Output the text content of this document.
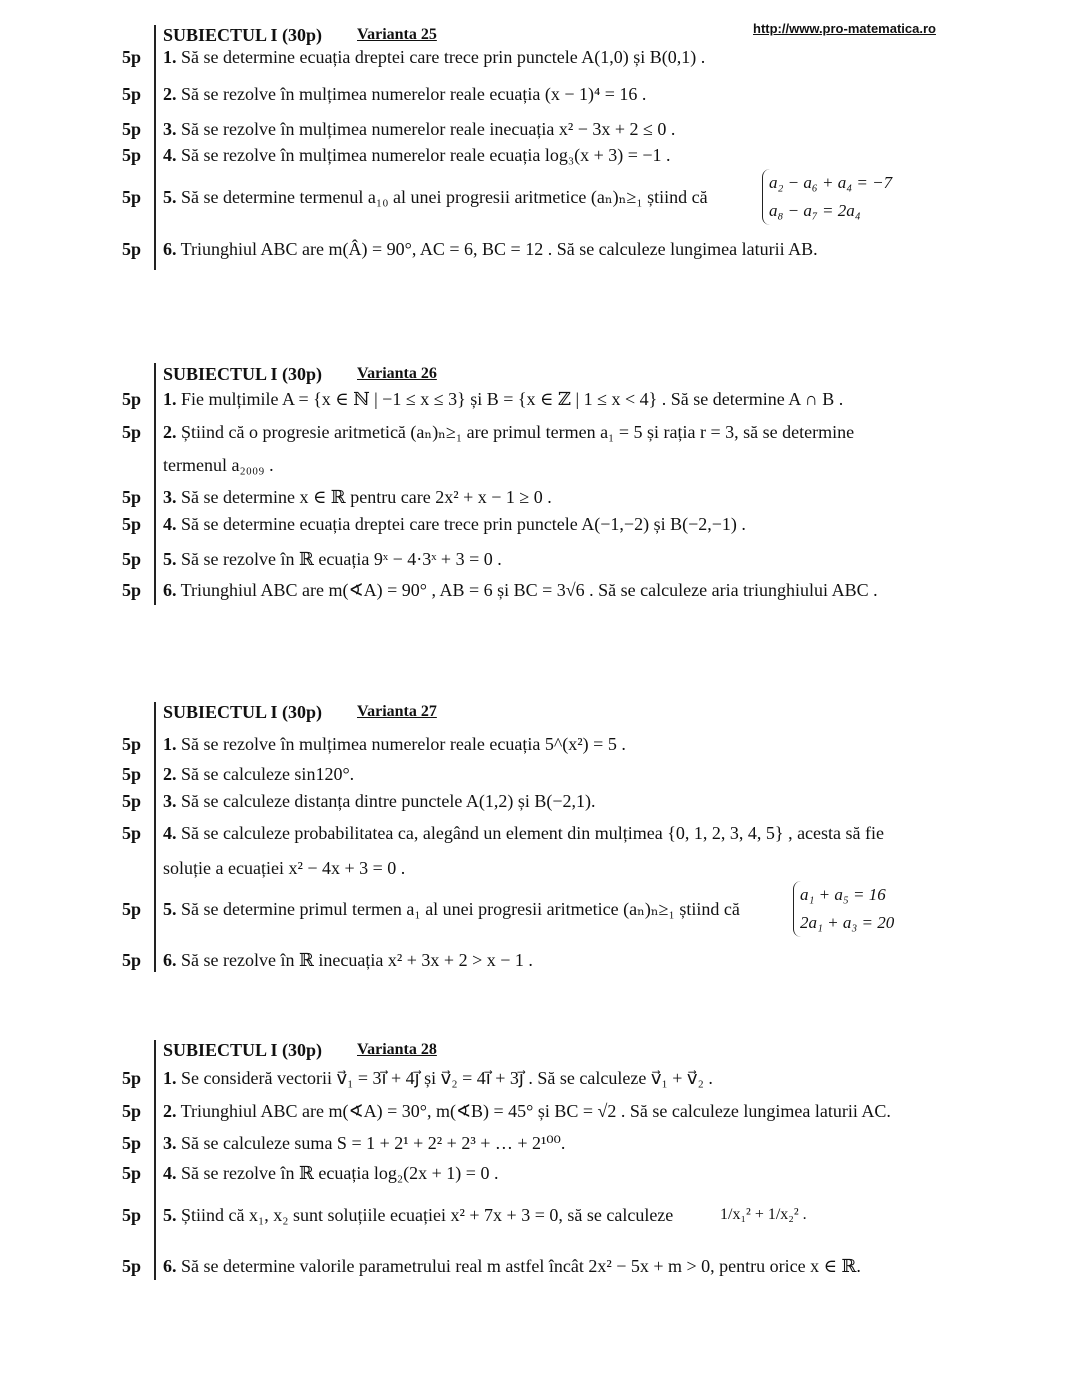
http://www.pro-matematica.ro
SUBIECTUL I (30p) Varianta 25
5p 1. Să se determine ecuația dreptei care trece prin punctele A(1,0) și B(0,1) .
5p 2. Să se rezolve în mulțimea numerelor reale ecuația (x − 1)⁴ = 16 .
5p 3. Să se rezolve în mulțimea numerelor reale inecuația x² − 3x + 2 ≤ 0 .
5p 4. Să se rezolve în mulțimea numerelor reale ecuația log₃(x + 3) = −1 .
5p 5. Să se determine termenul a₁₀ al unei progresii aritmetice (aₙ)ₙ≥₁ știind că
a₂ − a₆ + a₄ = −7
a₈ − a₇ = 2a₄
5p 6. Triunghiul ABC are m(Â) = 90°, AC = 6, BC = 12 . Să se calculeze lungimea laturii AB.
SUBIECTUL I (30p) Varianta 26
5p 1. Fie mulțimile A = {x ∈ ℕ | −1 ≤ x ≤ 3} și B = {x ∈ ℤ | 1 ≤ x < 4} . Să se determine A ∩ B .
5p 2. Știind că o progresie aritmetică (aₙ)ₙ≥₁ are primul termen a₁ = 5 și rația r = 3, să se determine
termenul a₂₀₀₉ .
5p 3. Să se determine x ∈ ℝ pentru care 2x² + x − 1 ≥ 0 .
5p 4. Să se determine ecuația dreptei care trece prin punctele A(−1,−2) și B(−2,−1) .
5p 5. Să se rezolve în ℝ ecuația 9ˣ − 4·3ˣ + 3 = 0 .
5p 6. Triunghiul ABC are m(∢A) = 90° , AB = 6 și BC = 3√6 . Să se calculeze aria triunghiului ABC .
SUBIECTUL I (30p) Varianta 27
5p 1. Să se rezolve în mulțimea numerelor reale ecuația 5^(x²) = 5 .
5p 2. Să se calculeze sin120°.
5p 3. Să se calculeze distanța dintre punctele A(1,2) și B(−2,1).
5p 4. Să se calculeze probabilitatea ca, alegând un element din mulțimea {0, 1, 2, 3, 4, 5} , acesta să fie
soluție a ecuației x² − 4x + 3 = 0 .
5p 5. Să se determine primul termen a₁ al unei progresii aritmetice (aₙ)ₙ≥₁ știind că
a₁ + a₅ = 16
2a₁ + a₃ = 20
5p 6. Să se rezolve în ℝ inecuația x² + 3x + 2 > x − 1 .
SUBIECTUL I (30p) Varianta 28
5p 1. Se consideră vectorii v⃗₁ = 3i⃗ + 4j⃗ și v⃗₂ = 4i⃗ + 3j⃗ . Să se calculeze v⃗₁ + v⃗₂ .
5p 2. Triunghiul ABC are m(∢A) = 30°, m(∢B) = 45° și BC = √2 . Să se calculeze lungimea laturii AC.
5p 3. Să se calculeze suma S = 1 + 2¹ + 2² + 2³ + … + 2¹⁰⁰.
5p 4. Să se rezolve în ℝ ecuația log₂(2x + 1) = 0 .
5p 5. Știind că x₁, x₂ sunt soluțiile ecuației x² + 7x + 3 = 0, să se calculeze	1/x₁² + 1/x₂² .
5p 6. Să se determine valorile parametrului real m astfel încât 2x² − 5x + m > 0, pentru orice x ∈ ℝ.
